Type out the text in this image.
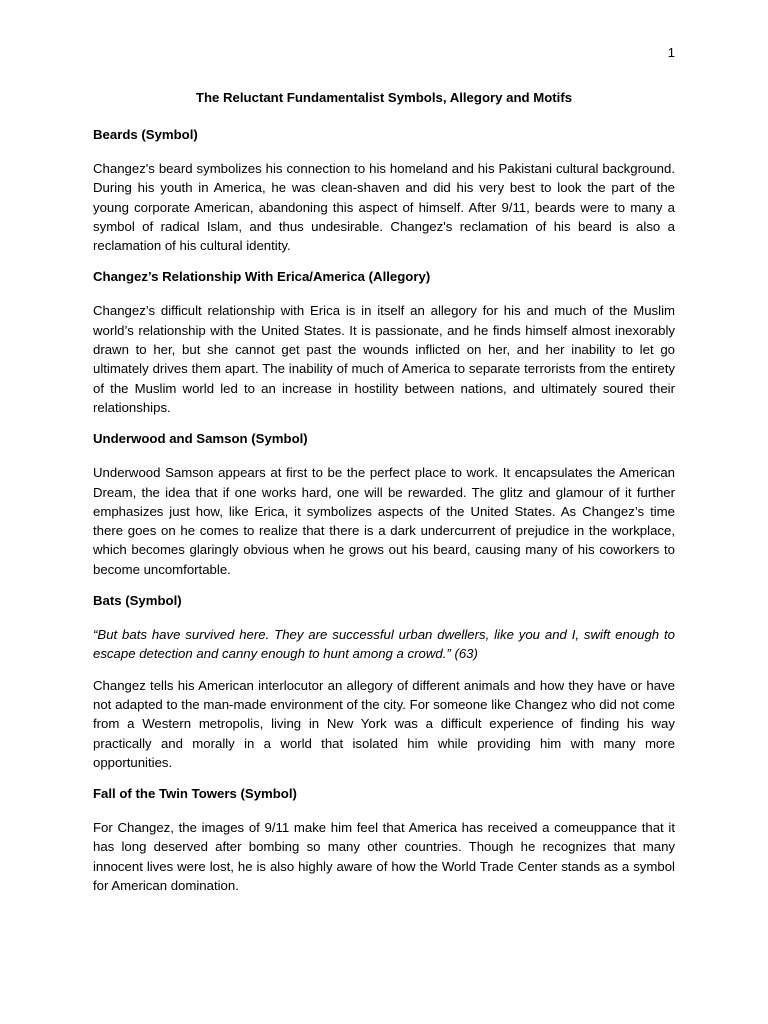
1
The Reluctant Fundamentalist Symbols, Allegory and Motifs
Beards (Symbol)

Changez's beard symbolizes his connection to his homeland and his Pakistani cultural background. During his youth in America, he was clean-shaven and did his very best to look the part of the young corporate American, abandoning this aspect of himself. After 9/11, beards were to many a symbol of radical Islam, and thus undesirable. Changez's reclamation of his beard is also a reclamation of his cultural identity.

Changez’s Relationship With Erica/America (Allegory)

Changez’s difficult relationship with Erica is in itself an allegory for his and much of the Muslim world’s relationship with the United States. It is passionate, and he finds himself almost inexorably drawn to her, but she cannot get past the wounds inflicted on her, and her inability to let go ultimately drives them apart. The inability of much of America to separate terrorists from the entirety of the Muslim world led to an increase in hostility between nations, and ultimately soured their relationships.

Underwood and Samson (Symbol)

Underwood Samson appears at first to be the perfect place to work. It encapsulates the American Dream, the idea that if one works hard, one will be rewarded. The glitz and glamour of it further emphasizes just how, like Erica, it symbolizes aspects of the United States. As Changez’s time there goes on he comes to realize that there is a dark undercurrent of prejudice in the workplace, which becomes glaringly obvious when he grows out his beard, causing many of his coworkers to become uncomfortable.

Bats (Symbol)

“But bats have survived here. They are successful urban dwellers, like you and I, swift enough to escape detection and canny enough to hunt among a crowd.” (63)

Changez tells his American interlocutor an allegory of different animals and how they have or have not adapted to the man-made environment of the city. For someone like Changez who did not come from a Western metropolis, living in New York was a difficult experience of finding his way practically and morally in a world that isolated him while providing him with many more opportunities.

Fall of the Twin Towers (Symbol)

For Changez, the images of 9/11 make him feel that America has received a comeuppance that it has long deserved after bombing so many other countries. Though he recognizes that many innocent lives were lost, he is also highly aware of how the World Trade Center stands as a symbol for American domination.
